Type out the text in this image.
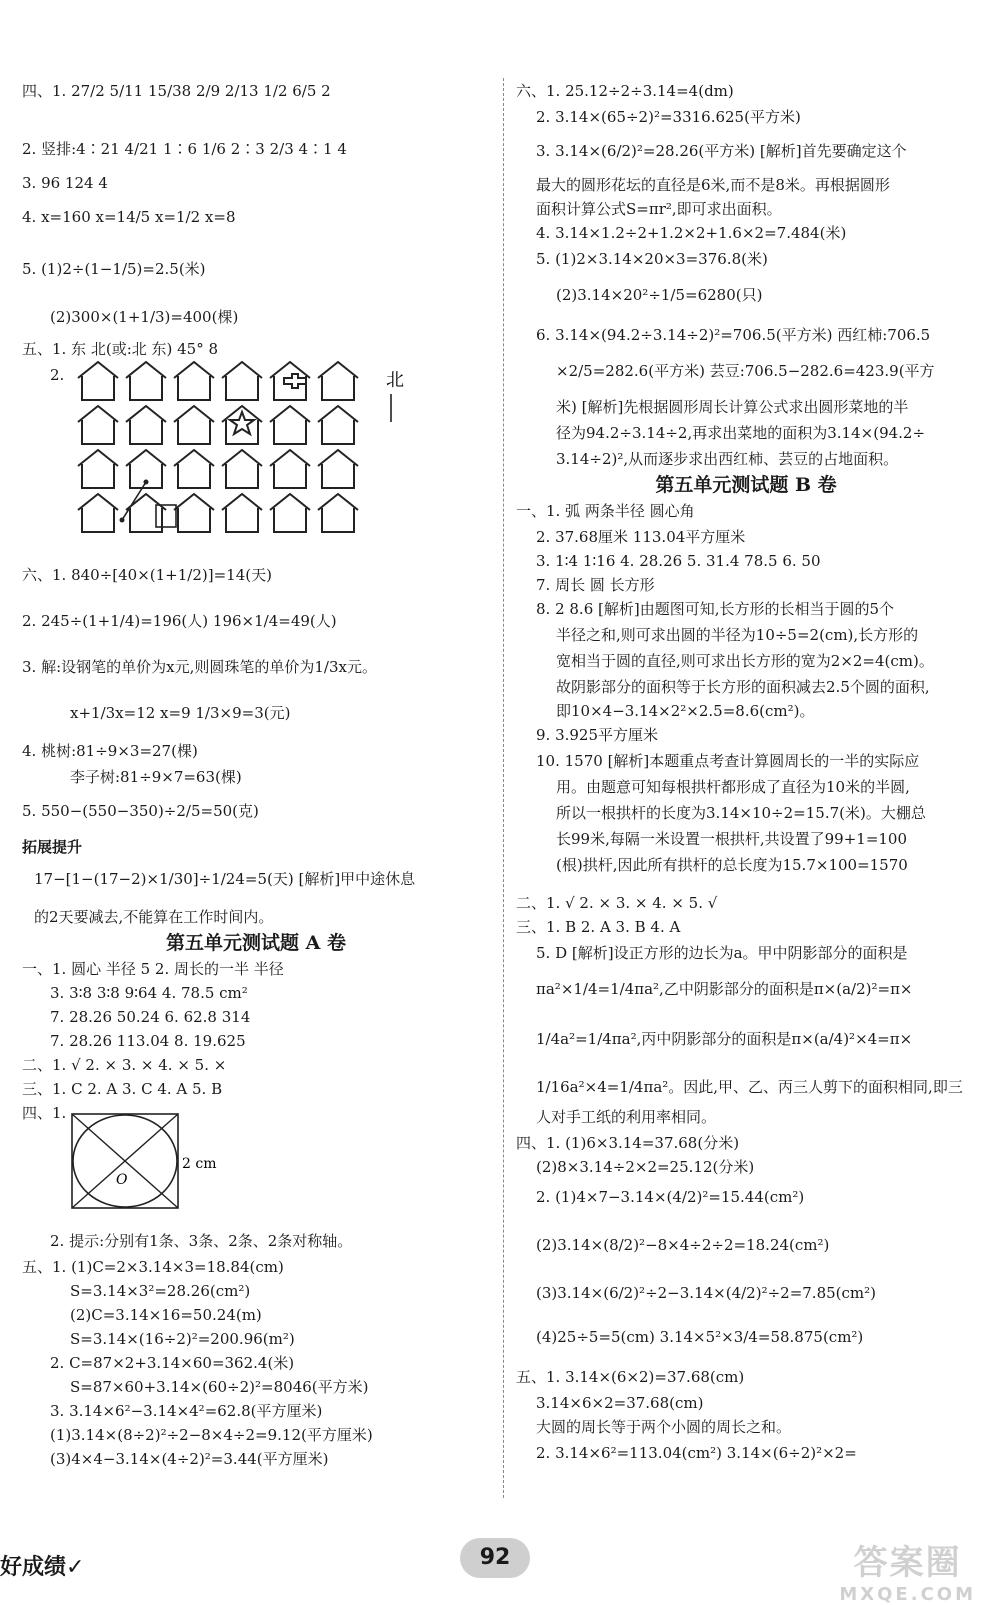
四、1. 27/2 5/11 15/38 2/9 2/13 1/2 6/5 2
2. 竖排:4∶21 4/21 1∶6 1/6 2∶3 2/3 4∶1 4
3. 96 124 4
4. x=160 x=14/5 x=1/2 x=8
5. (1)2÷(1−1/5)=2.5(米)
(2)300×(1+1/3)=400(棵)
五、1. 东 北(或:北 东) 45° 8
2.
六、1. 840÷[40×(1+1/2)]=14(天)
2. 245÷(1+1/4)=196(人) 196×1/4=49(人)
3. 解:设钢笔的单价为x元,则圆珠笔的单价为1/3x元。
x+1/3x=12 x=9 1/3×9=3(元)
4. 桃树:81÷9×3=27(棵)
李子树:81÷9×7=63(棵)
5. 550−(550−350)÷2/5=50(克)
拓展提升
17−[1−(17−2)×1/30]÷1/24=5(天) [解析]甲中途休息
的2天要减去,不能算在工作时间内。
第五单元测试题 A 卷
一、1. 圆心 半径 5 2. 周长的一半 半径
3. 3∶8 3∶8 9∶64 4. 78.5 cm²
7. 28.26 50.24 6. 62.8 314
7. 28.26 113.04 8. 19.625
二、1. √ 2. × 3. × 4. × 5. ×
三、1. C 2. A 3. C 4. A 5. B
四、1.
2. 提示:分别有1条、3条、2条、2条对称轴。
五、1. (1)C=2×3.14×3=18.84(cm)
S=3.14×3²=28.26(cm²)
(2)C=3.14×16=50.24(m)
S=3.14×(16÷2)²=200.96(m²)
2. C=87×2+3.14×60=362.4(米)
S=87×60+3.14×(60÷2)²=8046(平方米)
3. 3.14×6²−3.14×4²=62.8(平方厘米)
(1)3.14×(8÷2)²÷2−8×4÷2=9.12(平方厘米)
(3)4×4−3.14×(4÷2)²=3.44(平方厘米)
六、1. 25.12÷2÷3.14=4(dm)
2. 3.14×(65÷2)²=3316.625(平方米)
3. 3.14×(6/2)²=28.26(平方米) [解析]首先要确定这个
最大的圆形花坛的直径是6米,而不是8米。再根据圆形
面积计算公式S=πr²,即可求出面积。
4. 3.14×1.2÷2+1.2×2+1.6×2=7.484(米)
5. (1)2×3.14×20×3=376.8(米)
(2)3.14×20²÷1/5=6280(只)
6. 3.14×(94.2÷3.14÷2)²=706.5(平方米) 西红柿:706.5
×2/5=282.6(平方米) 芸豆:706.5−282.6=423.9(平方
米) [解析]先根据圆形周长计算公式求出圆形菜地的半
径为94.2÷3.14÷2,再求出菜地的面积为3.14×(94.2÷
3.14÷2)²,从而逐步求出西红柿、芸豆的占地面积。
第五单元测试题 B 卷
一、1. 弧 两条半径 圆心角
2. 37.68厘米 113.04平方厘米
3. 1∶4 1∶16 4. 28.26 5. 31.4 78.5 6. 50
7. 周长 圆 长方形
8. 2 8.6 [解析]由题图可知,长方形的长相当于圆的5个
半径之和,则可求出圆的半径为10÷5=2(cm),长方形的
宽相当于圆的直径,则可求出长方形的宽为2×2=4(cm)。
故阴影部分的面积等于长方形的面积减去2.5个圆的面积,
即10×4−3.14×2²×2.5=8.6(cm²)。
9. 3.925平方厘米
10. 1570 [解析]本题重点考查计算圆周长的一半的实际应
用。由题意可知每根拱杆都形成了直径为10米的半圆,
所以一根拱杆的长度为3.14×10÷2=15.7(米)。大棚总
长99米,每隔一米设置一根拱杆,共设置了99+1=100
(根)拱杆,因此所有拱杆的总长度为15.7×100=1570
二、1. √ 2. × 3. × 4. × 5. √
三、1. B 2. A 3. B 4. A
5. D [解析]设正方形的边长为a。甲中阴影部分的面积是
πa²×1/4=1/4πa²,乙中阴影部分的面积是π×(a/2)²=π×
1/4a²=1/4πa²,丙中阴影部分的面积是π×(a/4)²×4=π×
1/16a²×4=1/4πa²。因此,甲、乙、丙三人剪下的面积相同,即三
人对手工纸的利用率相同。
四、1. (1)6×3.14=37.68(分米)
(2)8×3.14÷2×2=25.12(分米)
2. (1)4×7−3.14×(4/2)²=15.44(cm²)
(2)3.14×(8/2)²−8×4÷2÷2=18.24(cm²)
(3)3.14×(6/2)²÷2−3.14×(4/2)²÷2=7.85(cm²)
(4)25÷5=5(cm) 3.14×5²×3/4=58.875(cm²)
五、1. 3.14×(6×2)=37.68(cm)
3.14×6×2=37.68(cm)
大圆的周长等于两个小圆的周长之和。
2. 3.14×6²=113.04(cm²) 3.14×(6÷2)²×2=
北
2 cm
O
好成绩✓	92	答案圈
MXQE.COM
